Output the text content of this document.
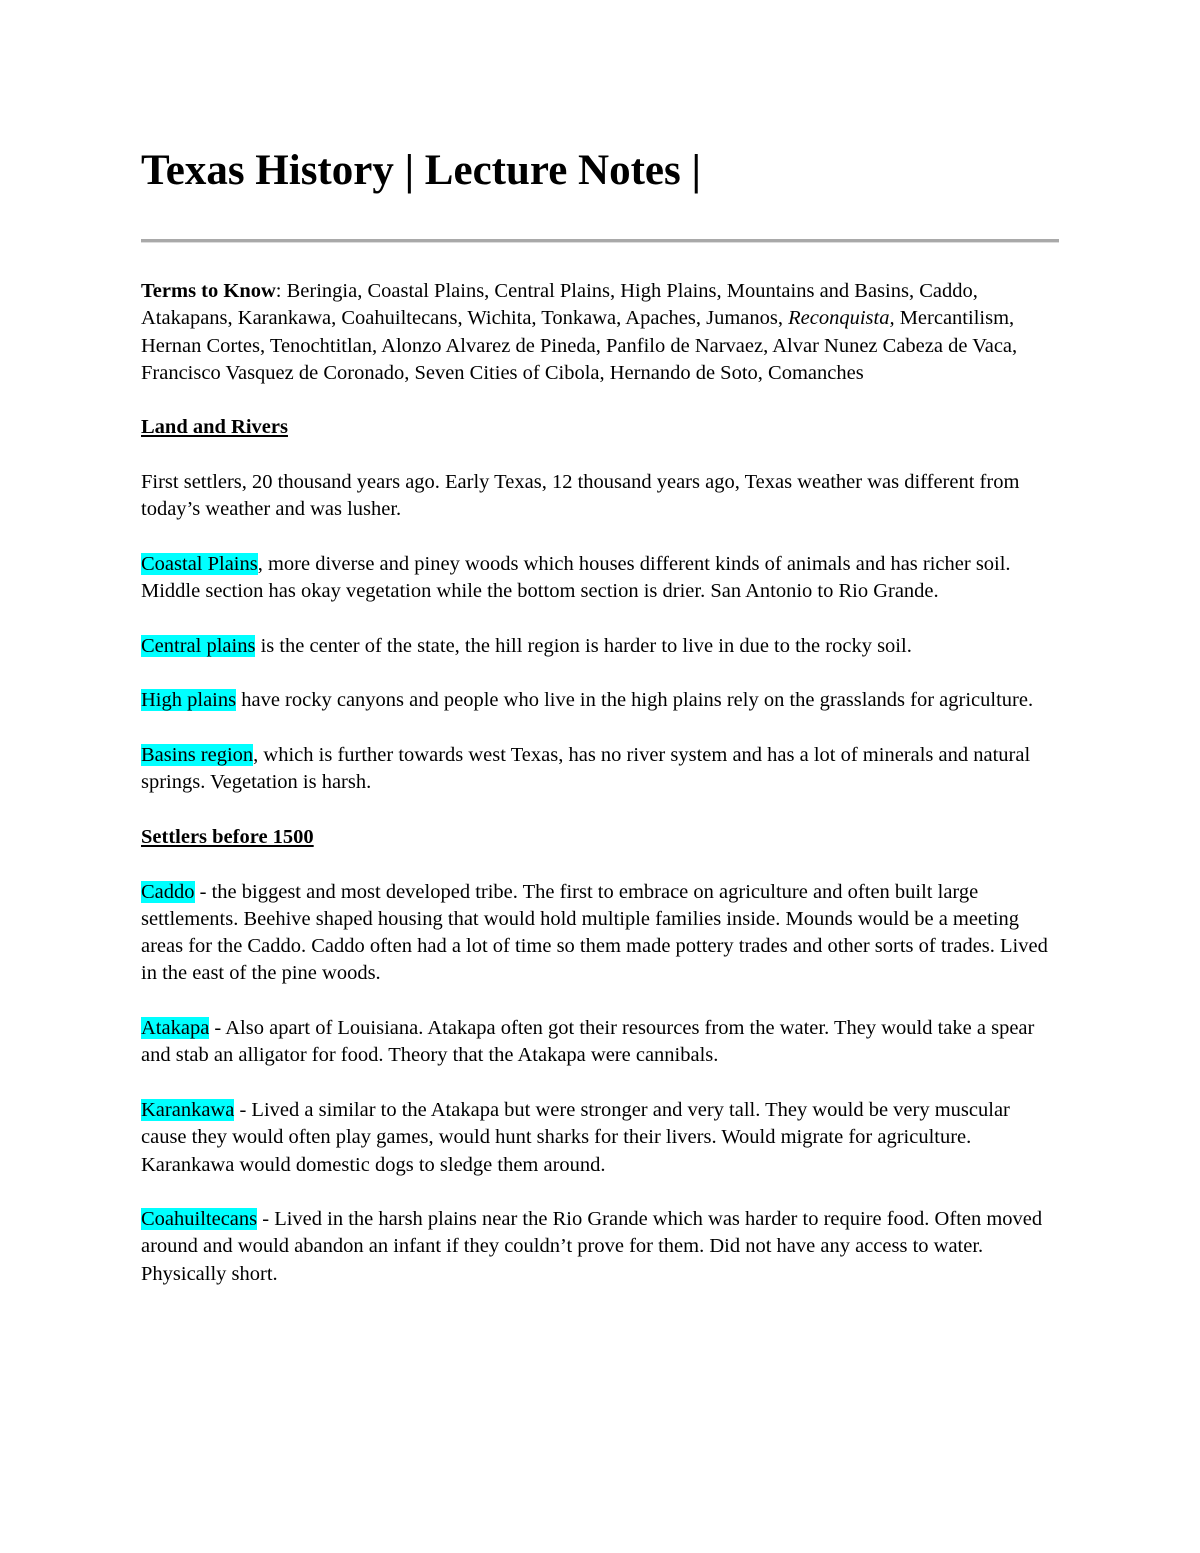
Texas History | Lecture Notes |

Terms to Know: Beringia, Coastal Plains, Central Plains, High Plains, Mountains and Basins, Caddo, Atakapans, Karankawa, Coahuiltecans, Wichita, Tonkawa, Apaches, Jumanos, Reconquista, Mercantilism, Hernan Cortes, Tenochtitlan, Alonzo Alvarez de Pineda, Panfilo de Narvaez, Alvar Nunez Cabeza de Vaca, Francisco Vasquez de Coronado, Seven Cities of Cibola, Hernando de Soto, Comanches

Land and Rivers

First settlers, 20 thousand years ago. Early Texas, 12 thousand years ago, Texas weather was different from today’s weather and was lusher.

Coastal Plains, more diverse and piney woods which houses different kinds of animals and has richer soil. Middle section has okay vegetation while the bottom section is drier. San Antonio to Rio Grande.

Central plains is the center of the state, the hill region is harder to live in due to the rocky soil.

High plains have rocky canyons and people who live in the high plains rely on the grasslands for agriculture.

Basins region, which is further towards west Texas, has no river system and has a lot of minerals and natural springs. Vegetation is harsh.

Settlers before 1500

Caddo - the biggest and most developed tribe. The first to embrace on agriculture and often built large settlements. Beehive shaped housing that would hold multiple families inside. Mounds would be a meeting areas for the Caddo. Caddo often had a lot of time so them made pottery trades and other sorts of trades. Lived in the east of the pine woods.

Atakapa - Also apart of Louisiana. Atakapa often got their resources from the water. They would take a spear and stab an alligator for food. Theory that the Atakapa were cannibals.

Karankawa - Lived a similar to the Atakapa but were stronger and very tall. They would be very muscular cause they would often play games, would hunt sharks for their livers. Would migrate for agriculture. Karankawa would domestic dogs to sledge them around.

Coahuiltecans - Lived in the harsh plains near the Rio Grande which was harder to require food. Often moved around and would abandon an infant if they couldn’t prove for them. Did not have any access to water. Physically short.
